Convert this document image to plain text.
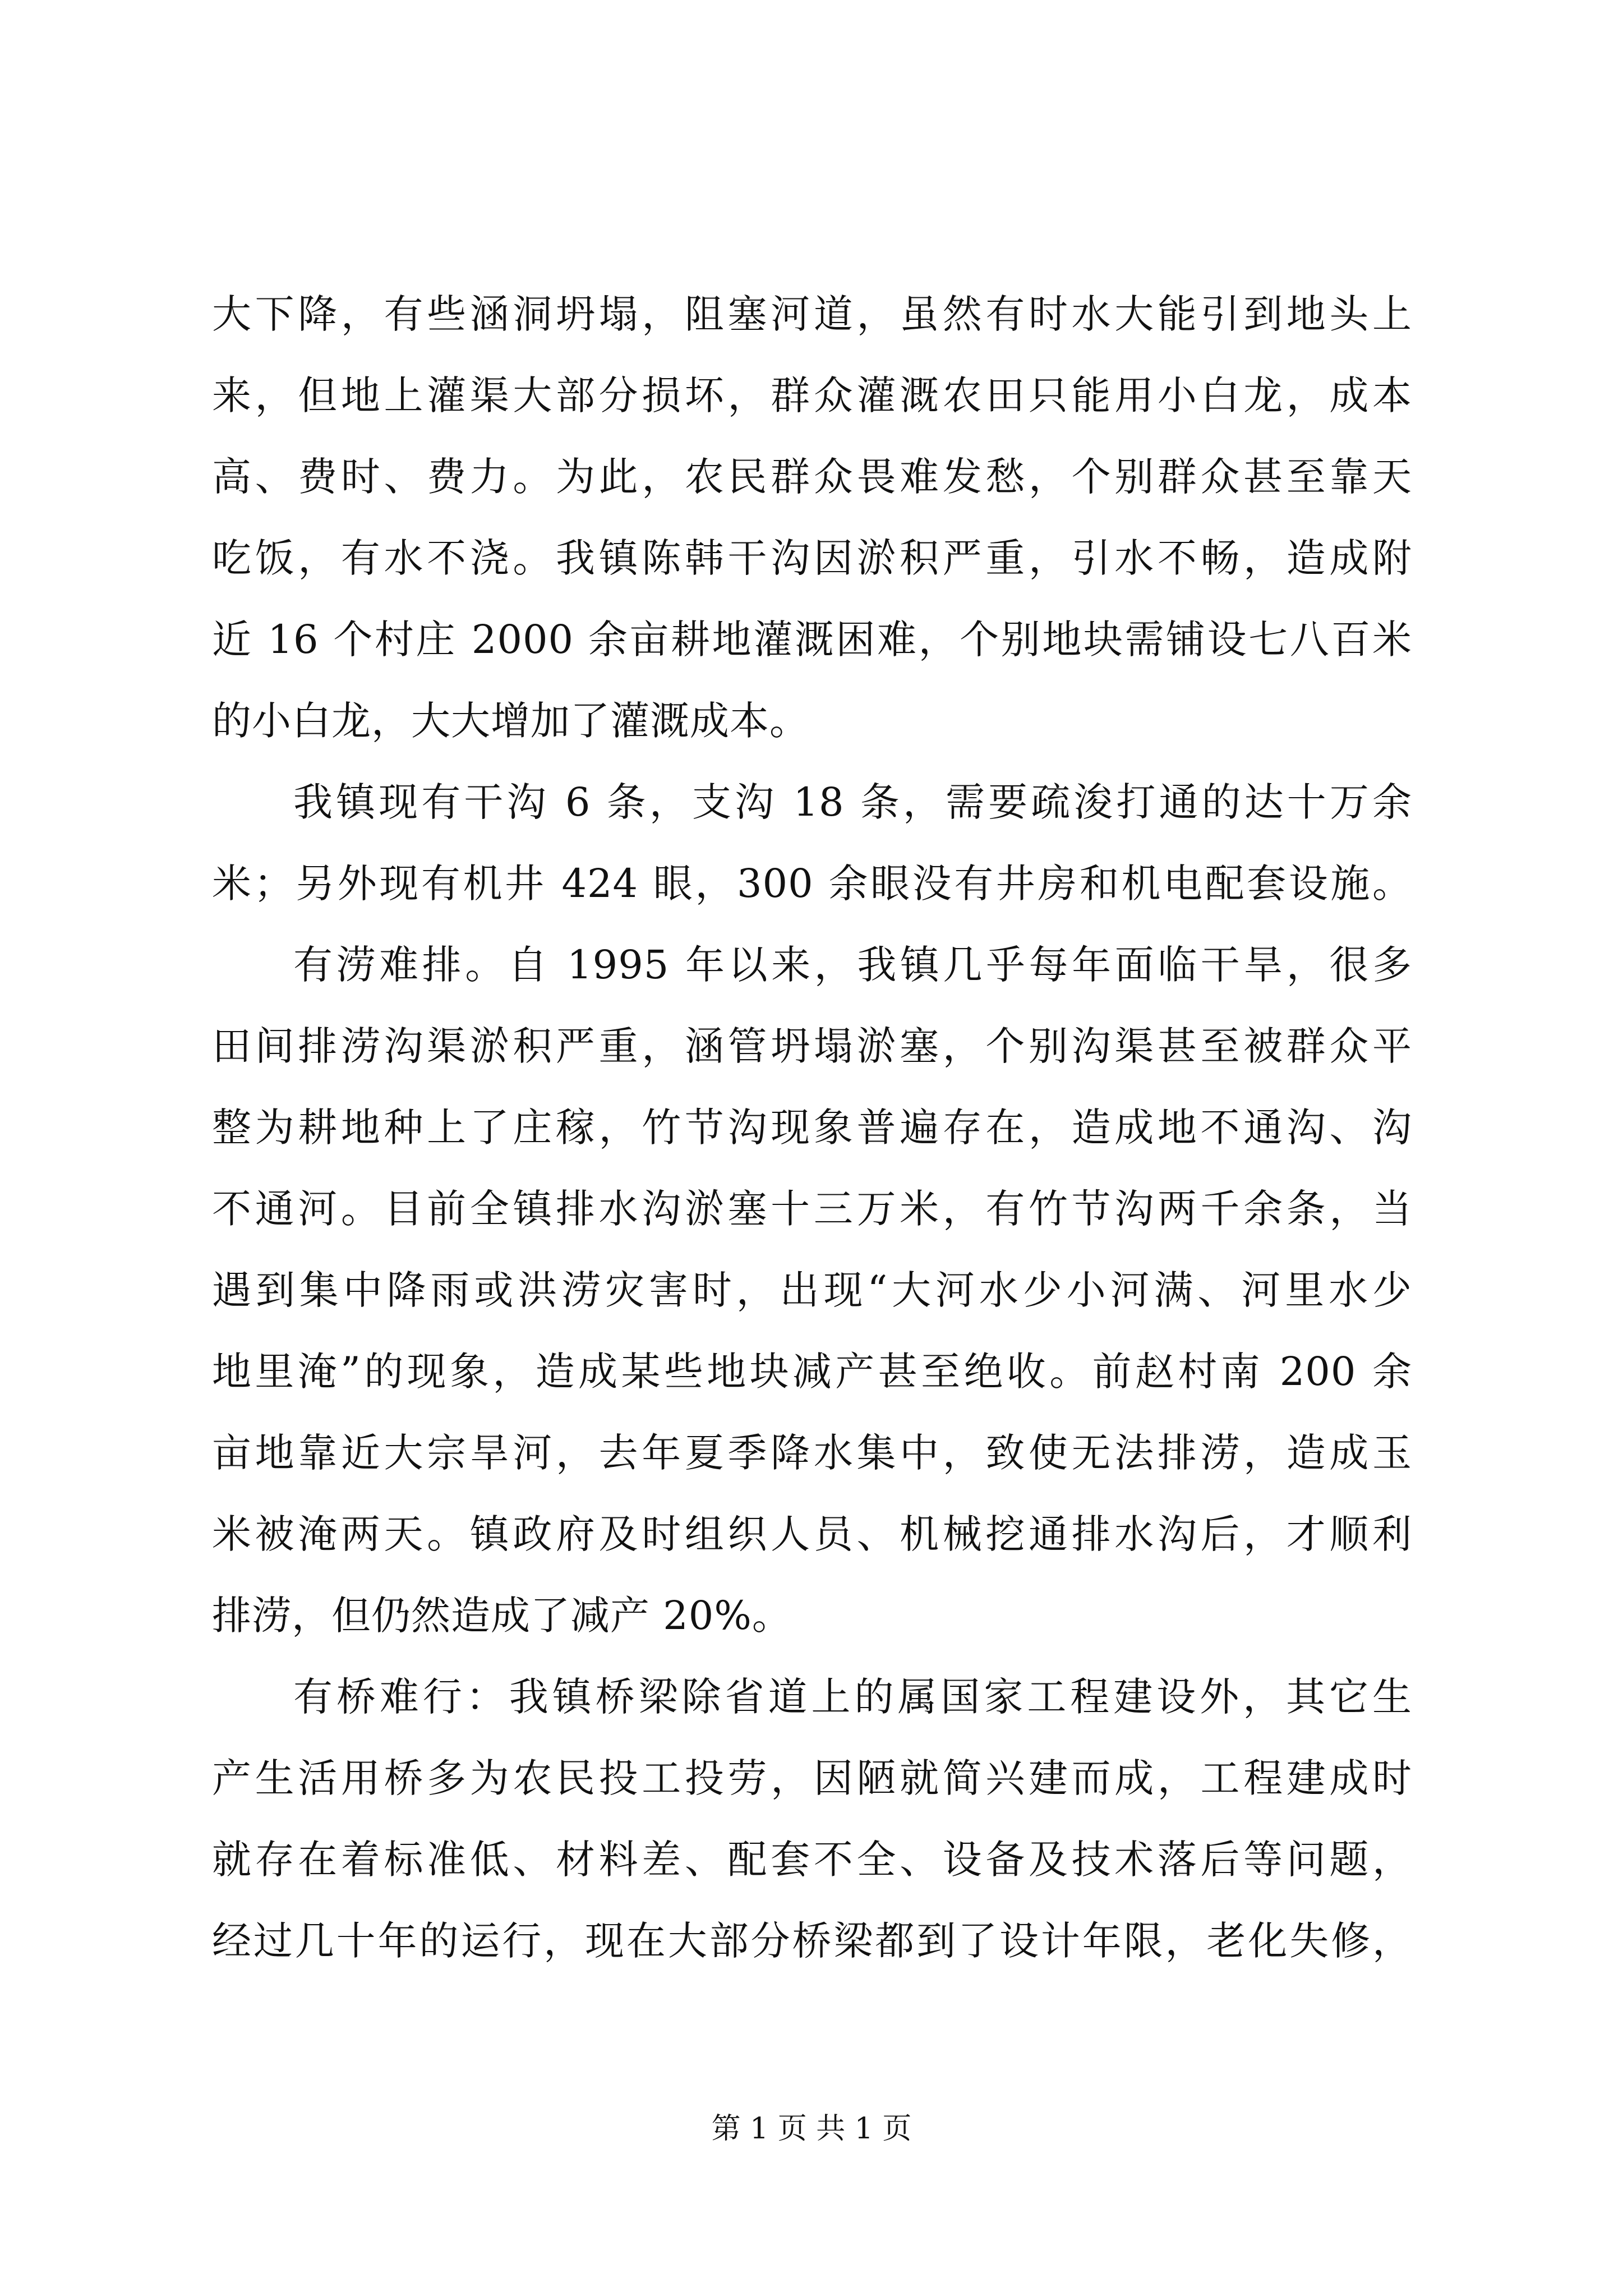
大下降，有些涵洞坍塌，阻塞河道，虽然有时水大能引到地头上
来，但地上灌渠大部分损坏，群众灌溉农田只能用小白龙，成本
高、费时、费力。为此，农民群众畏难发愁，个别群众甚至靠天
吃饭，有水不浇。我镇陈韩干沟因淤积严重，引水不畅，造成附
近 16 个村庄 2000 余亩耕地灌溉困难，个别地块需铺设七八百米
的小白龙，大大增加了灌溉成本。
我镇现有干沟 6 条，支沟 18 条，需要疏浚打通的达十万余
米；另外现有机井 424 眼，300 余眼没有井房和机电配套设施。
有涝难排。自 1995 年以来，我镇几乎每年面临干旱，很多
田间排涝沟渠淤积严重，涵管坍塌淤塞，个别沟渠甚至被群众平
整为耕地种上了庄稼，竹节沟现象普遍存在，造成地不通沟、沟
不通河。目前全镇排水沟淤塞十三万米，有竹节沟两千余条，当
遇到集中降雨或洪涝灾害时，出现“大河水少小河满、河里水少
地里淹”的现象，造成某些地块减产甚至绝收。前赵村南 200 余
亩地靠近大宗旱河，去年夏季降水集中，致使无法排涝，造成玉
米被淹两天。镇政府及时组织人员、机械挖通排水沟后，才顺利
排涝，但仍然造成了减产 20%。
有桥难行：我镇桥梁除省道上的属国家工程建设外，其它生
产生活用桥多为农民投工投劳，因陋就简兴建而成，工程建成时
就存在着标准低、材料差、配套不全、设备及技术落后等问题，
经过几十年的运行，现在大部分桥梁都到了设计年限，老化失修，
第 1 页 共 1 页
